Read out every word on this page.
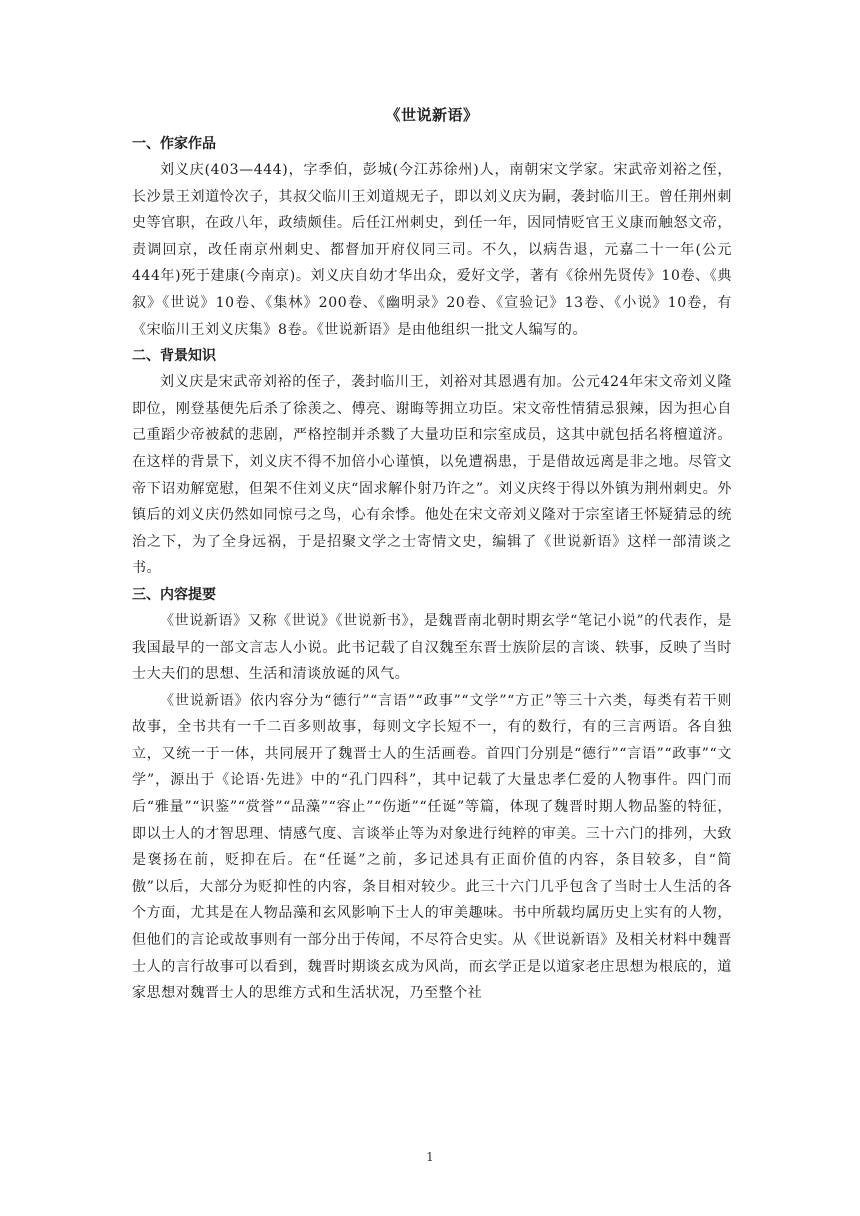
《世说新语》
一、作家作品

刘义庆(403—444)，字季伯，彭城(今江苏徐州)人，南朝宋文学家。宋武帝刘裕之侄，长沙景王刘道怜次子，其叔父临川王刘道规无子，即以刘义庆为嗣，袭封临川王。曾任荆州刺史等官职，在政八年，政绩颇佳。后任江州刺史，到任一年，因同情贬官王义康而触怒文帝，责调回京，改任南京州刺史、都督加开府仪同三司。不久，以病告退，元嘉二十一年(公元444年)死于建康(今南京)。刘义庆自幼才华出众，爱好文学，著有《徐州先贤传》10卷、《典叙》《世说》10卷、《集林》200卷、《幽明录》20卷、《宣验记》13卷、《小说》10卷，有《宋临川王刘义庆集》8卷。《世说新语》是由他组织一批文人编写的。

二、背景知识

刘义庆是宋武帝刘裕的侄子，袭封临川王，刘裕对其恩遇有加。公元424年宋文帝刘义隆即位，刚登基便先后杀了徐羡之、傅亮、谢晦等拥立功臣。宋文帝性情猜忌狠辣，因为担心自己重蹈少帝被弑的悲剧，严格控制并杀戮了大量功臣和宗室成员，这其中就包括名将檀道济。在这样的背景下，刘义庆不得不加倍小心谨慎，以免遭祸患，于是借故远离是非之地。尽管文帝下诏劝解宽慰，但架不住刘义庆“固求解仆射乃许之”。刘义庆终于得以外镇为荆州刺史。外镇后的刘义庆仍然如同惊弓之鸟，心有余悸。他处在宋文帝刘义隆对于宗室诸王怀疑猜忌的统治之下，为了全身远祸，于是招聚文学之士寄情文史，编辑了《世说新语》这样一部清谈之书。

三、内容提要

《世说新语》又称《世说》《世说新书》，是魏晋南北朝时期玄学“笔记小说”的代表作，是我国最早的一部文言志人小说。此书记载了自汉魏至东晋士族阶层的言谈、轶事，反映了当时士大夫们的思想、生活和清谈放诞的风气。

《世说新语》依内容分为“德行”“言语”“政事”“文学”“方正”等三十六类，每类有若干则故事，全书共有一千二百多则故事，每则文字长短不一，有的数行，有的三言两语。各自独立，又统一于一体，共同展开了魏晋士人的生活画卷。首四门分别是“德行”“言语”“政事”“文学”，源出于《论语·先进》中的“孔门四科”，其中记载了大量忠孝仁爱的人物事件。四门而后“雅量”“识鉴”“赏誉”“品藻”“容止”“伤逝”“任诞”等篇，体现了魏晋时期人物品鉴的特征，即以士人的才智思理、情感气度、言谈举止等为对象进行纯粹的审美。三十六门的排列，大致是褒扬在前，贬抑在后。在“任诞”之前，多记述具有正面价值的内容，条目较多，自“简傲”以后，大部分为贬抑性的内容，条目相对较少。此三十六门几乎包含了当时士人生活的各个方面，尤其是在人物品藻和玄风影响下士人的审美趣味。书中所载均属历史上实有的人物，但他们的言论或故事则有一部分出于传闻，不尽符合史实。从《世说新语》及相关材料中魏晋士人的言行故事可以看到，魏晋时期谈玄成为风尚，而玄学正是以道家老庄思想为根底的，道家思想对魏晋士人的思维方式和生活状况，乃至整个社

1
